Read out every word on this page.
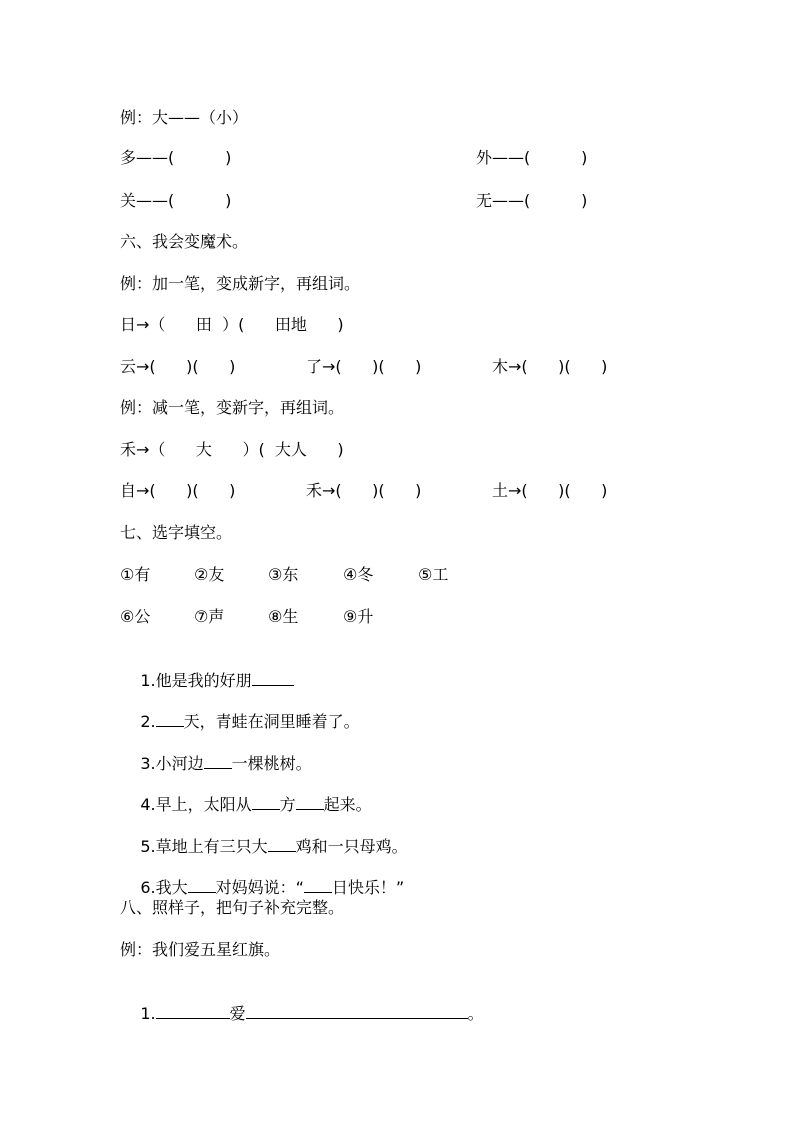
例：大——（小）
多——(          )	外——(          )
关——(          )	无——(          )
六、我会变魔术。
例：加一笔，变成新字，再组词。
日→（      田  ）(      田地      )
云→(      )(      )	了→(      )(      )	木→(      )(      )
例：减一笔，变新字，再组词。
禾→（      大      ）(  大人      )
自→(      )(      )	禾→(      )(      )	土→(      )(      )
七、选字填空。
①有	②友	③东	④冬	⑤工
⑥公	⑦声	⑧生	⑨升

1.他是我的好朋

2. 天，青蛙在洞里睡着了。

3.小河边 一棵桃树。

4.早上，太阳从 方 起来。

5.草地上有三只大 鸡和一只母鸡。

6.我大 对妈妈说：“ 日快乐！”

八、照样子，把句子补充完整。
例：我们爱五星红旗。

1.	爱	。
